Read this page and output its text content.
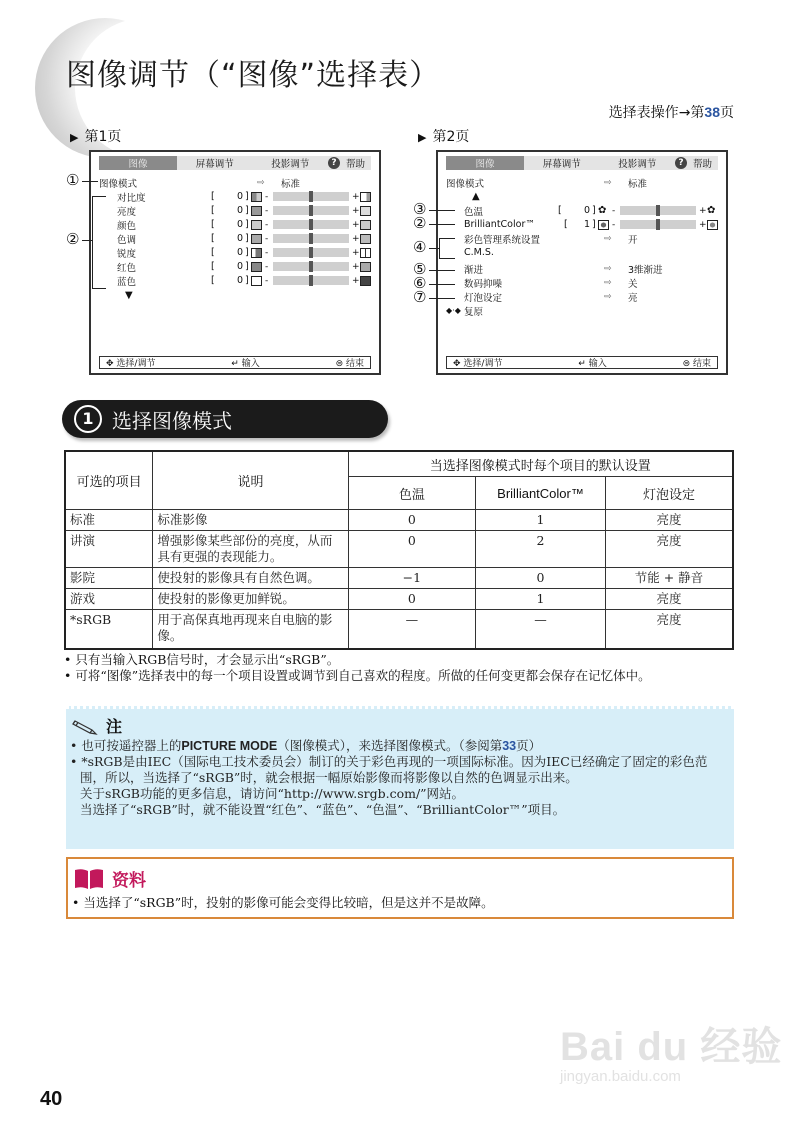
图像调节（“图像”选择表）
选择表操作→第38页
▶ 第1页
图像	屏幕调节	投影调节	? 帮助
图像模式	⇨ 标准
对比度	[	0 ] -	+
亮度	[	0 ] -	+
颜色	[	0 ] -	+
色调	[	0 ] -	+
锐度	[	0 ] -	+
红色	[	0 ] -	+
蓝色	[	0 ] -	+
▼
✥ 选择/调节	↵ 输入	⊜ 结束
①
②
▶ 第2页
图像	屏幕调节	投影调节	? 帮助
图像模式	⇨ 标准
▲
色温	[	0 ] ✿ -	+ ✿
BrilliantColor™	[	1 ] -	+
彩色管理系统设置	⇨ 开
C.M.S.
渐进	⇨ 3维渐进
数码抑噪	⇨ 关
灯泡设定	⇨ 亮
◆·◆ 复原
✥ 选择/调节	↵ 输入	⊜ 结束
③
②
④
⑤
⑥
⑦
1 选择图像模式
可选的项目	说明	当选择图像模式时每个项目的默认设置		
		色温	BrilliantColor™	灯泡设定
标准	标准影像	0	1	亮度
讲演	增强影像某些部份的亮度，从而具有更强的表现能力。	0	2	亮度
影院	使投射的影像具有自然色调。	−1	0	节能 + 静音
游戏	使投射的影像更加鲜锐。	0	1	亮度
*sRGB	用于高保真地再现来自电脑的影像。	—	—	亮度
• 只有当输入RGB信号时，才会显示出“sRGB”。
• 可将“图像”选择表中的每一个项目设置或调节到自己喜欢的程度。所做的任何变更都会保存在记忆体中。
注
• 也可按遥控器上的PICTURE MODE（图像模式），来选择图像模式。（参阅第33页）
• *sRGB是由IEC（国际电工技术委员会）制订的关于彩色再现的一项国际标准。因为IEC已经确定了固定的彩色范围，所以，当选择了“sRGB”时，就会根据一幅原始影像而将影像以自然的色调显示出来。
关于sRGB功能的更多信息，请访问“http://www.srgb.com/”网站。
当选择了“sRGB”时，就不能设置“红色”、“蓝色”、“色温”、“BrilliantColor™”项目。
资料
• 当选择了“sRGB”时，投射的影像可能会变得比较暗，但是这并不是故障。
40
Bai du 经验
jingyan.baidu.com
